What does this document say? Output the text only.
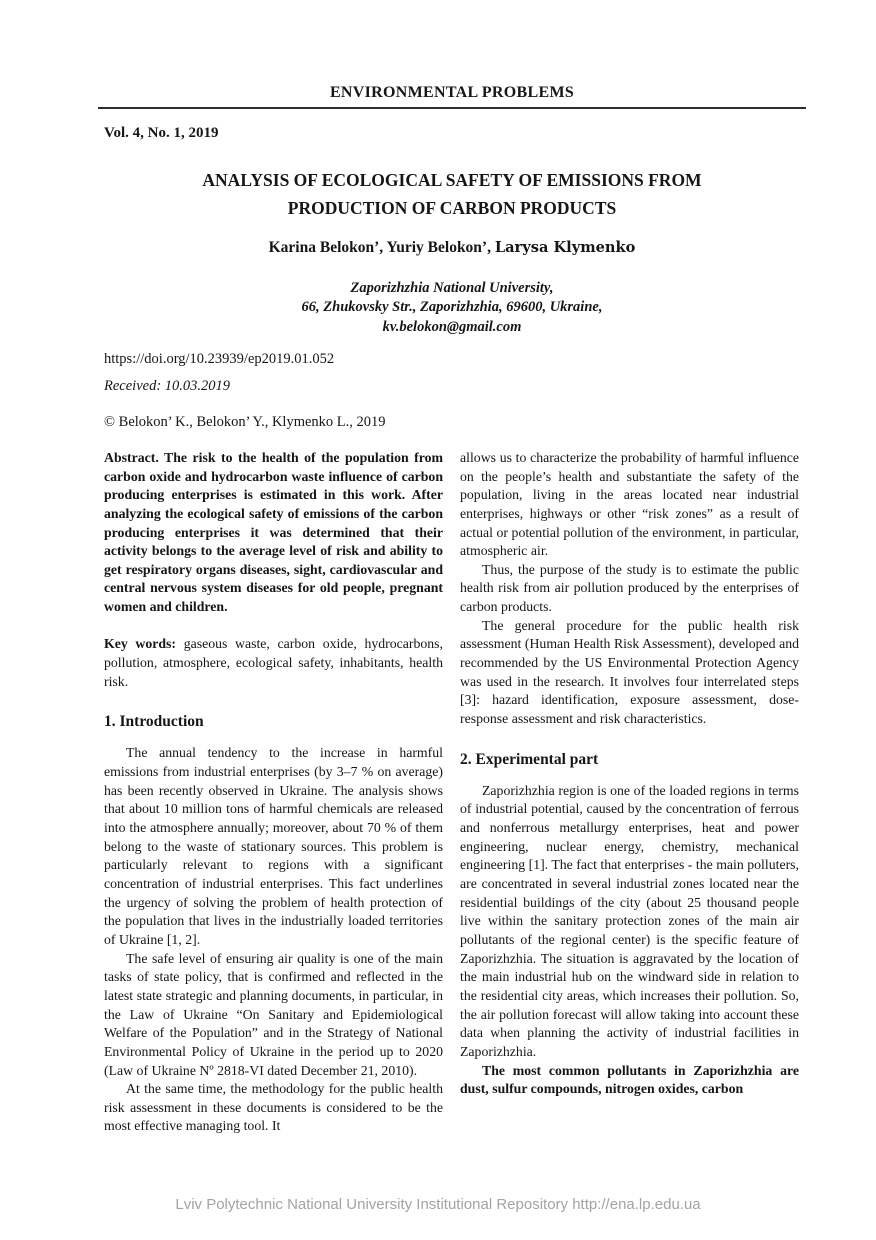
ENVIRONMENTAL PROBLEMS
Vol. 4, No. 1, 2019
ANALYSIS OF ECOLOGICAL SAFETY OF EMISSIONS FROM
PRODUCTION OF CARBON PRODUCTS
Karina Belokon’, Yuriy Belokon’, Larysa Klymenko
Zaporizhzhia National University,
66, Zhukovsky Str., Zaporizhzhia, 69600, Ukraine,
kv.belokon@gmail.com
https://doi.org/10.23939/ep2019.01.052
Received: 10.03.2019
© Belokon’ K., Belokon’ Y., Klymenko L., 2019

Abstract. The risk to the health of the population from carbon oxide and hydrocarbon waste influence of carbon producing enterprises is estimated in this work. After analyzing the ecological safety of emissions of the carbon producing enterprises it was determined that their activity belongs to the average level of risk and ability to get respiratory organs diseases, sight, cardiovascular and central nervous system diseases for old people, pregnant women and children.

Key words: gaseous waste, carbon oxide, hydrocarbons, pollution, atmosphere, ecological safety, inhabitants, health risk.

1. Introduction

The annual tendency to the increase in harmful emissions from industrial enterprises (by 3–7 % on average) has been recently observed in Ukraine. The analysis shows that about 10 million tons of harmful chemicals are released into the atmosphere annually; moreover, about 70 % of them belong to the waste of stationary sources. This problem is particularly relevant to regions with a significant concentration of industrial enterprises. This fact underlines the urgency of solving the problem of health protection of the population that lives in the industrially loaded territories of Ukraine [1, 2].

The safe level of ensuring air quality is one of the main tasks of state policy, that is confirmed and reflected in the latest state strategic and planning documents, in particular, in the Law of Ukraine “On Sanitary and Epidemiological Welfare of the Population” and in the Strategy of National Environmental Policy of Ukraine in the period up to 2020 (Law of Ukraine Nº 2818-VI dated December 21, 2010).

At the same time, the methodology for the public health risk assessment in these documents is considered to be the most effective managing tool. It

allows us to characterize the probability of harmful influence on the people’s health and substantiate the safety of the population, living in the areas located near industrial enterprises, highways or other “risk zones” as a result of actual or potential pollution of the environment, in particular, atmospheric air.

Thus, the purpose of the study is to estimate the public health risk from air pollution produced by the enterprises of carbon products.

The general procedure for the public health risk assessment (Human Health Risk Assessment), developed and recommended by the US Environmental Protection Agency was used in the research. It involves four interrelated steps [3]: hazard identification, exposure assessment, dose-response assessment and risk characteristics.

2. Experimental part

Zaporizhzhia region is one of the loaded regions in terms of industrial potential, caused by the concentration of ferrous and nonferrous metallurgy enterprises, heat and power engineering, nuclear energy, chemistry, mechanical engineering [1]. The fact that enterprises - the main polluters, are concentrated in several industrial zones located near the residential buildings of the city (about 25 thousand people live within the sanitary protection zones of the main air pollutants of the regional center) is the specific feature of Zaporizhzhia. The situation is aggravated by the location of the main industrial hub on the windward side in relation to the residential city areas, which increases their pollution. So, the air pollution forecast will allow taking into account these data when planning the activity of industrial facilities in Zaporizhzhia.

The most common pollutants in Zaporizhzhia are dust, sulfur compounds, nitrogen oxides, carbon

Lviv Polytechnic National University Institutional Repository http://ena.lp.edu.ua
